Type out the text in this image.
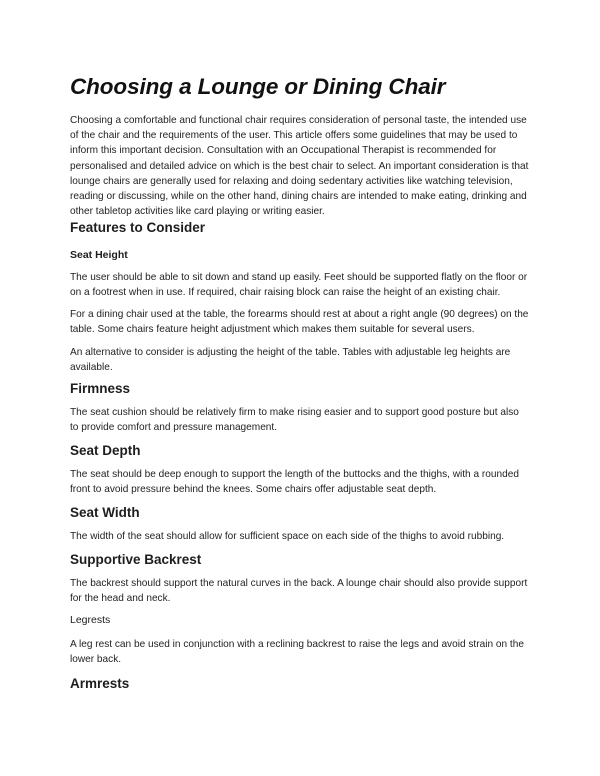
Choosing a Lounge or Dining Chair

Choosing a comfortable and functional chair requires consideration of personal taste, the intended use of the chair and the requirements of the user. This article offers some guidelines that may be used to inform this important decision. Consultation with an Occupational Therapist is recommended for personalised and detailed advice on which is the best chair to select. An important consideration is that lounge chairs are generally used for relaxing and doing sedentary activities like watching television, reading or discussing, while on the other hand, dining chairs are intended to make eating, drinking and other tabletop activities like card playing or writing easier.

Features to Consider
Seat Height

The user should be able to sit down and stand up easily. Feet should be supported flatly on the floor or on a footrest when in use. If required, chair raising block can raise the height of an existing chair.

For a dining chair used at the table, the forearms should rest at about a right angle (90 degrees) on the table. Some chairs feature height adjustment which makes them suitable for several users.

An alternative to consider is adjusting the height of the table. Tables with adjustable leg heights are available.

Firmness

The seat cushion should be relatively firm to make rising easier and to support good posture but also to provide comfort and pressure management.

Seat Depth

The seat should be deep enough to support the length of the buttocks and the thighs, with a rounded front to avoid pressure behind the knees. Some chairs offer adjustable seat depth.

Seat Width

The width of the seat should allow for sufficient space on each side of the thighs to avoid rubbing.

Supportive Backrest

The backrest should support the natural curves in the back. A lounge chair should also provide support for the head and neck.

Legrests

A leg rest can be used in conjunction with a reclining backrest to raise the legs and avoid strain on the lower back.

Armrests
